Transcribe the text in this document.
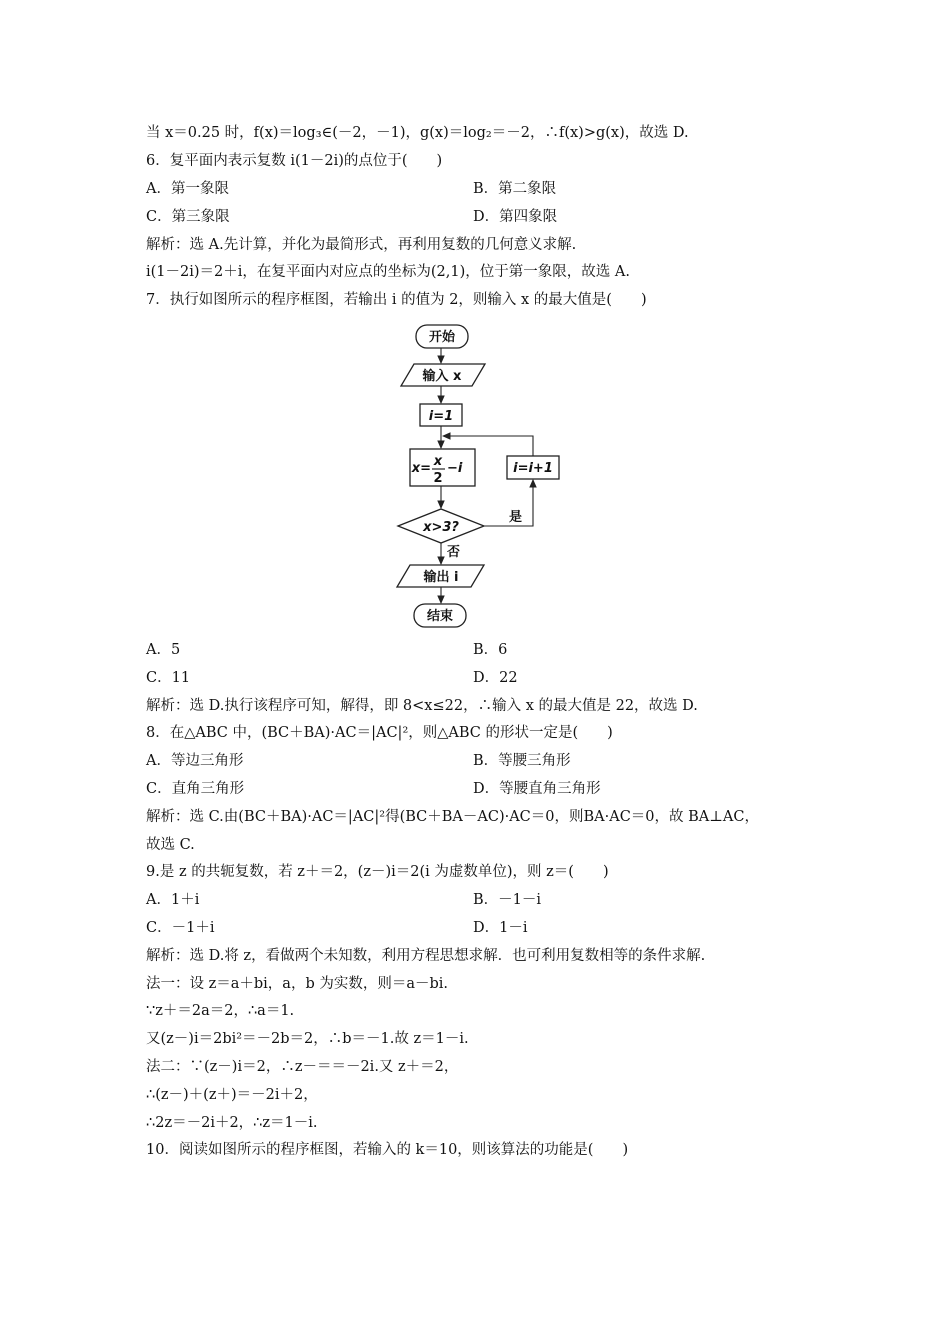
当 x＝0.25 时，f(x)＝log₃∈(－2，－1)，g(x)＝log₂＝－2，∴f(x)>g(x)，故选 D.
6．复平面内表示复数 i(1－2i)的点位于(　　)
A．第一象限	B．第二象限
C．第三象限	D．第四象限
解析：选 A.先计算，并化为最简形式，再利用复数的几何意义求解.
i(1－2i)＝2＋i，在复平面内对应点的坐标为(2,1)，位于第一象限，故选 A.
7．执行如图所示的程序框图，若输出 i 的值为 2，则输入 x 的最大值是(　　)
开始
输入 x
i=1
x= x
2
−i	i=i+1
x>3?
是
否
输出 i
结束
A．5	B．6
C．11	D．22
解析：选 D.执行该程序可知，解得，即 8<x≤22，∴输入 x 的最大值是 22，故选 D.
8．在△ABC 中，(BC＋BA)·AC＝|AC|²，则△ABC 的形状一定是(　　)
A．等边三角形	B．等腰三角形
C．直角三角形	D．等腰直角三角形
解析：选 C.由(BC＋BA)·AC＝|AC|²得(BC＋BA－AC)·AC＝0，则BA·AC＝0，故 BA⊥AC，
故选 C.
9.是 z 的共轭复数，若 z＋＝2，(z－)i＝2(i 为虚数单位)，则 z＝(　　)
A．1＋i	B．－1－i
C．－1＋i	D．1－i
解析：选 D.将 z，看做两个未知数，利用方程思想求解．也可利用复数相等的条件求解.
法一：设 z＝a＋bi，a，b 为实数，则＝a－bi.
∵z＋＝2a＝2，∴a＝1.
又(z－)i＝2bi²＝－2b＝2，∴b＝－1.故 z＝1－i.
法二：∵(z－)i＝2，∴z－＝＝－2i.又 z＋＝2，
∴(z－)＋(z＋)＝－2i＋2，
∴2z＝－2i＋2，∴z＝1－i.
10．阅读如图所示的程序框图，若输入的 k＝10，则该算法的功能是(　　)
